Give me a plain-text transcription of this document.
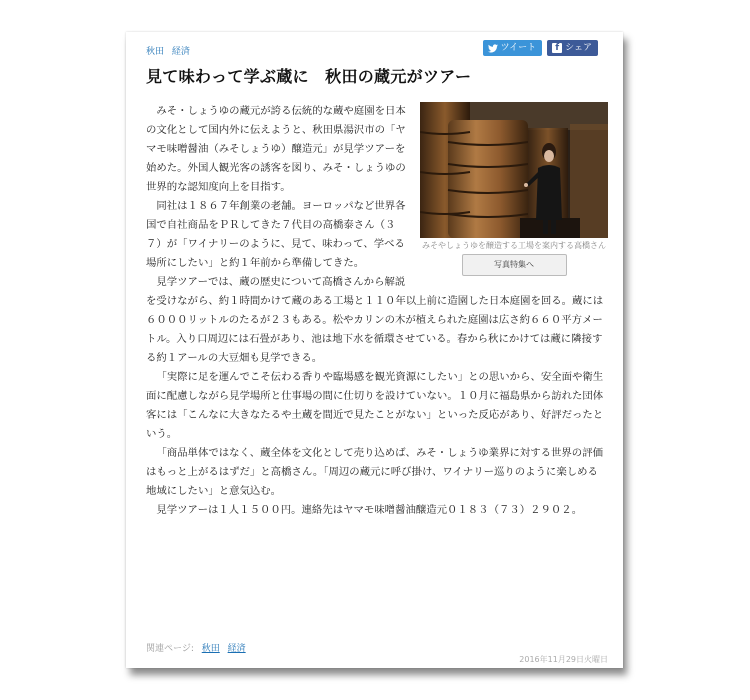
秋田 経済	ツイート	f シェア
見て味わって学ぶ蔵に　秋田の蔵元がツアー
みそやしょうゆを醸造する工場を案内する高橋さん
写真特集へ

みそ・しょうゆの蔵元が誇る伝統的な蔵や庭園を日本の文化として国内外に伝えようと、秋田県湯沢市の「ヤマモ味噌醤油（みそしょうゆ）醸造元」が見学ツアーを始めた。外国人観光客の誘客を図り、みそ・しょうゆの世界的な認知度向上を目指す。

同社は１８６７年創業の老舗。ヨーロッパなど世界各国で自社商品をＰＲしてきた７代目の高橋泰さん（３７）が「ワイナリーのように、見て、味わって、学べる場所にしたい」と約１年前から準備してきた。

見学ツアーでは、蔵の歴史について高橋さんから解説を受けながら、約１時間かけて蔵のある工場と１１０年以上前に造園した日本庭園を回る。蔵には６０００リットルのたるが２３もある。松やカリンの木が植えられた庭園は広さ約６６０平方メートル。入り口周辺には石畳があり、池は地下水を循環させている。春から秋にかけては蔵に隣接する約１アールの大豆畑も見学できる。

「実際に足を運んでこそ伝わる香りや臨場感を観光資源にしたい」との思いから、安全面や衛生面に配慮しながら見学場所と仕事場の間に仕切りを設けていない。１０月に福島県から訪れた団体客には「こんなに大きなたるや土蔵を間近で見たことがない」といった反応があり、好評だったという。

「商品単体ではなく、蔵全体を文化として売り込めば、みそ・しょうゆ業界に対する世界の評価はもっと上がるはずだ」と高橋さん。「周辺の蔵元に呼び掛け、ワイナリー巡りのように楽しめる地域にしたい」と意気込む。

見学ツアーは１人１５００円。連絡先はヤマモ味噌醤油醸造元０１８３（７３）２９０２。

関連ページ: 秋田 経済
2016年11月29日火曜日
